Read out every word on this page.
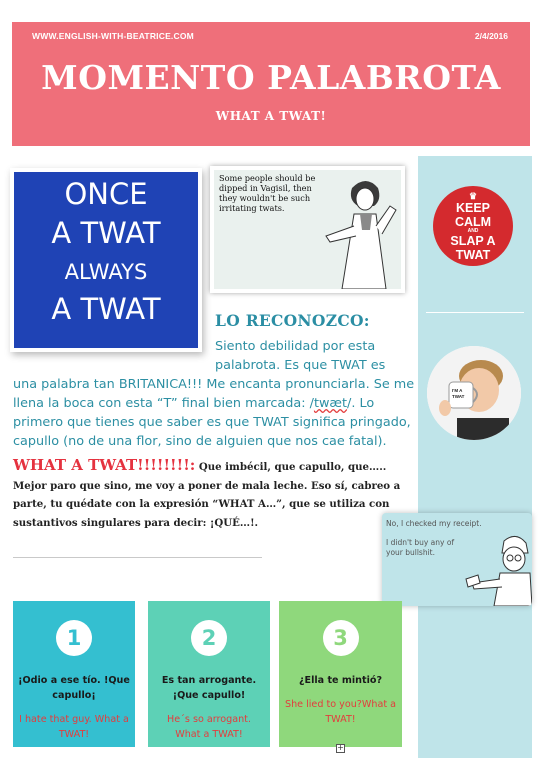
WWW.ENGLISH-WITH-BEATRICE.COM	2/4/2016
MOMENTO PALABROTA
WHAT A TWAT!
♛
KEEP
CALM
AND
SLAP A
TWAT
I'M A
TWAT
ONCE
A TWAT
ALWAYS
A TWAT
Some people should be dipped in Vagisil, then they wouldn't be such irritating twats.
LO RECONOZCO:
Siento debilidad por esta
palabrota. Es que TWAT es
una palabra tan BRITANICA!!! Me encanta pronunciarla. Se me
llena la boca con esta “T” final bien marcada: /twæt/. Lo
primero que tienes que saber es que TWAT significa pringado,
capullo (no de una flor, sino de alguien que nos cae fatal).
WHAT A TWAT!!!!!!!!: Que imbécil, que capullo, que….. Mejor paro que sino, me voy a poner de mala leche. Eso sí, cabreo a parte, tu quédate con la expresión “WHAT A…”, que se utiliza con sustantivos singulares para decir: ¡QUÉ…!.	No, I checked my receipt.
I didn't buy any of your bullshit.
1
¡Odio a ese tío. !Que capullo¡
I hate that guy. What a TWAT!
2
Es tan arrogante. ¡Que capullo!
He´s so arrogant. What a TWAT!
3
¿Ella te mintió?
She lied to you?What a TWAT!
+
